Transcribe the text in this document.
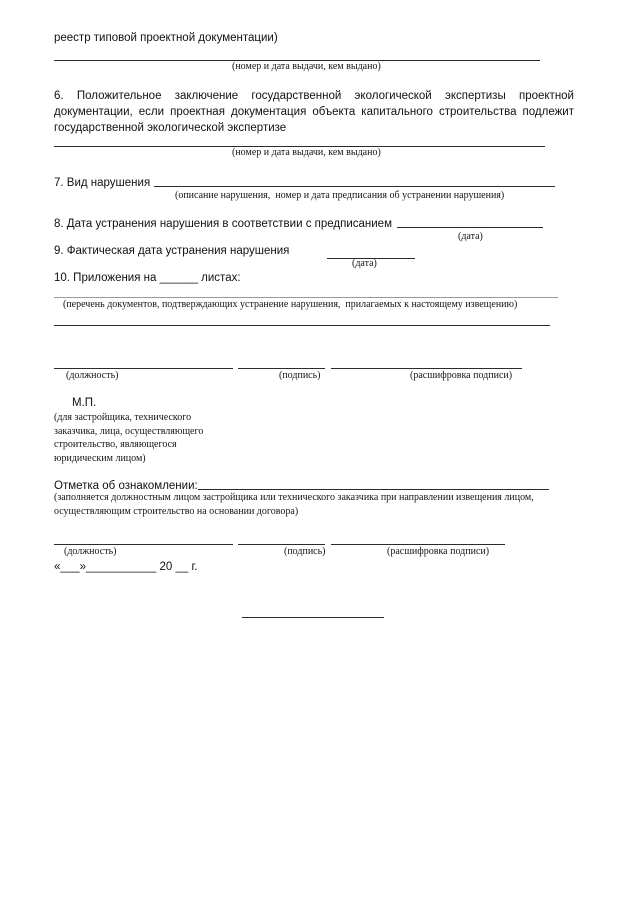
реестр типовой проектной документации)
(номер и дата выдачи, кем выдано)
6. Положительное заключение государственной экологической экспертизы проектной документации, если проектная документация объекта капитального строительства подлежит государственной экологической экспертизе
(номер и дата выдачи, кем выдано)
7. Вид нарушения
(описание нарушения,  номер и дата предписания об устранении нарушения)
8. Дата устранения нарушения в соответствии с предписанием
(дата)
9. Фактическая дата устранения нарушения
(дата)
10. Приложения на ______ листах:
(перечень документов, подтверждающих устранение нарушения,  прилагаемых к настоящему извещению)
(должность)	(подпись)	(расшифровка подписи)
М.П.
(для застройщика, технического заказчика, лица, осуществляющего строительство, являющегося юридическим лицом)
Отметка об ознакомлении:
(заполняется должностным лицом застройщика или технического заказчика при направлении извещения лицом, осуществляющим строительство на основании договора)
(должность)	(подпись)	(расшифровка подписи)
«___»___________ 20 __ г.
